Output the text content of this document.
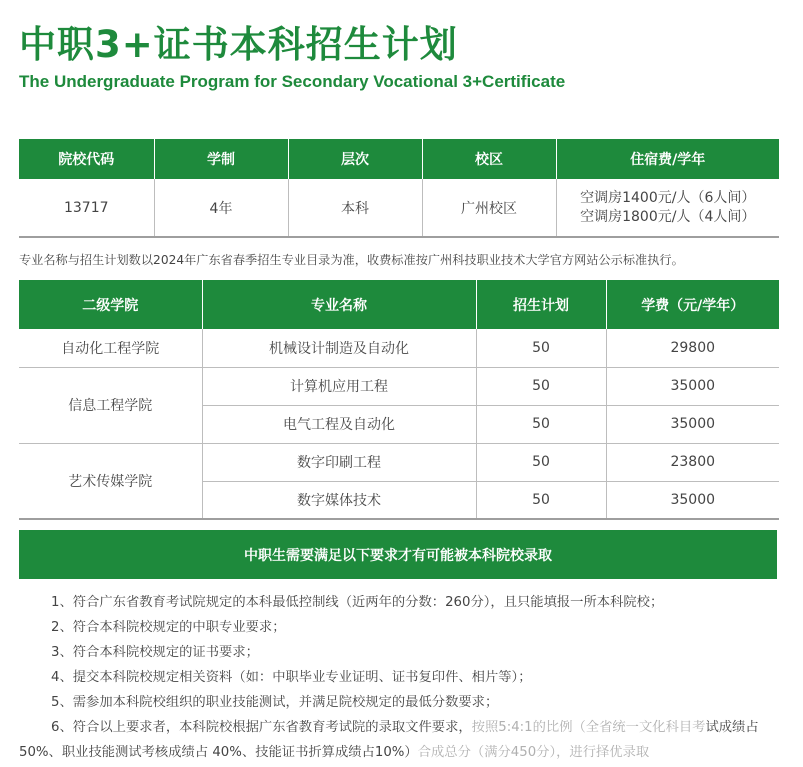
中职3+证书本科招生计划
The Undergraduate Program for Secondary Vocational 3+Certificate
院校代码	学制	层次	校区	住宿费/学年
13717	4年	本科	广州校区	空调房1400元/人（6人间）
空调房1800元/人（4人间）
专业名称与招生计划数以2024年广东省春季招生专业目录为准，收费标准按广州科技职业技术大学官方网站公示标准执行。
二级学院	专业名称	招生计划	学费（元/学年）
自动化工程学院	机械设计制造及自动化	50	29800
信息工程学院	计算机应用工程	50	35000
	电气工程及自动化	50	35000
艺术传媒学院	数字印刷工程	50	23800
	数字媒体技术	50	35000
中职生需要满足以下要求才有可能被本科院校录取
1、符合广东省教育考试院规定的本科最低控制线（近两年的分数：260分），且只能填报一所本科院校；
2、符合本科院校规定的中职专业要求；
3、符合本科院校规定的证书要求；
4、提交本科院校规定相关资料（如：中职毕业专业证明、证书复印件、相片等）；
5、需参加本科院校组织的职业技能测试，并满足院校规定的最低分数要求；
6、符合以上要求者，本科院校根据广东省教育考试院的录取文件要求，按照5:4:1的比例（全省统一文化科目考试成绩占50%、职业技能测试考核成绩占 40%、技能证书折算成绩占10%）合成总分（满分450分），进行择优录取
